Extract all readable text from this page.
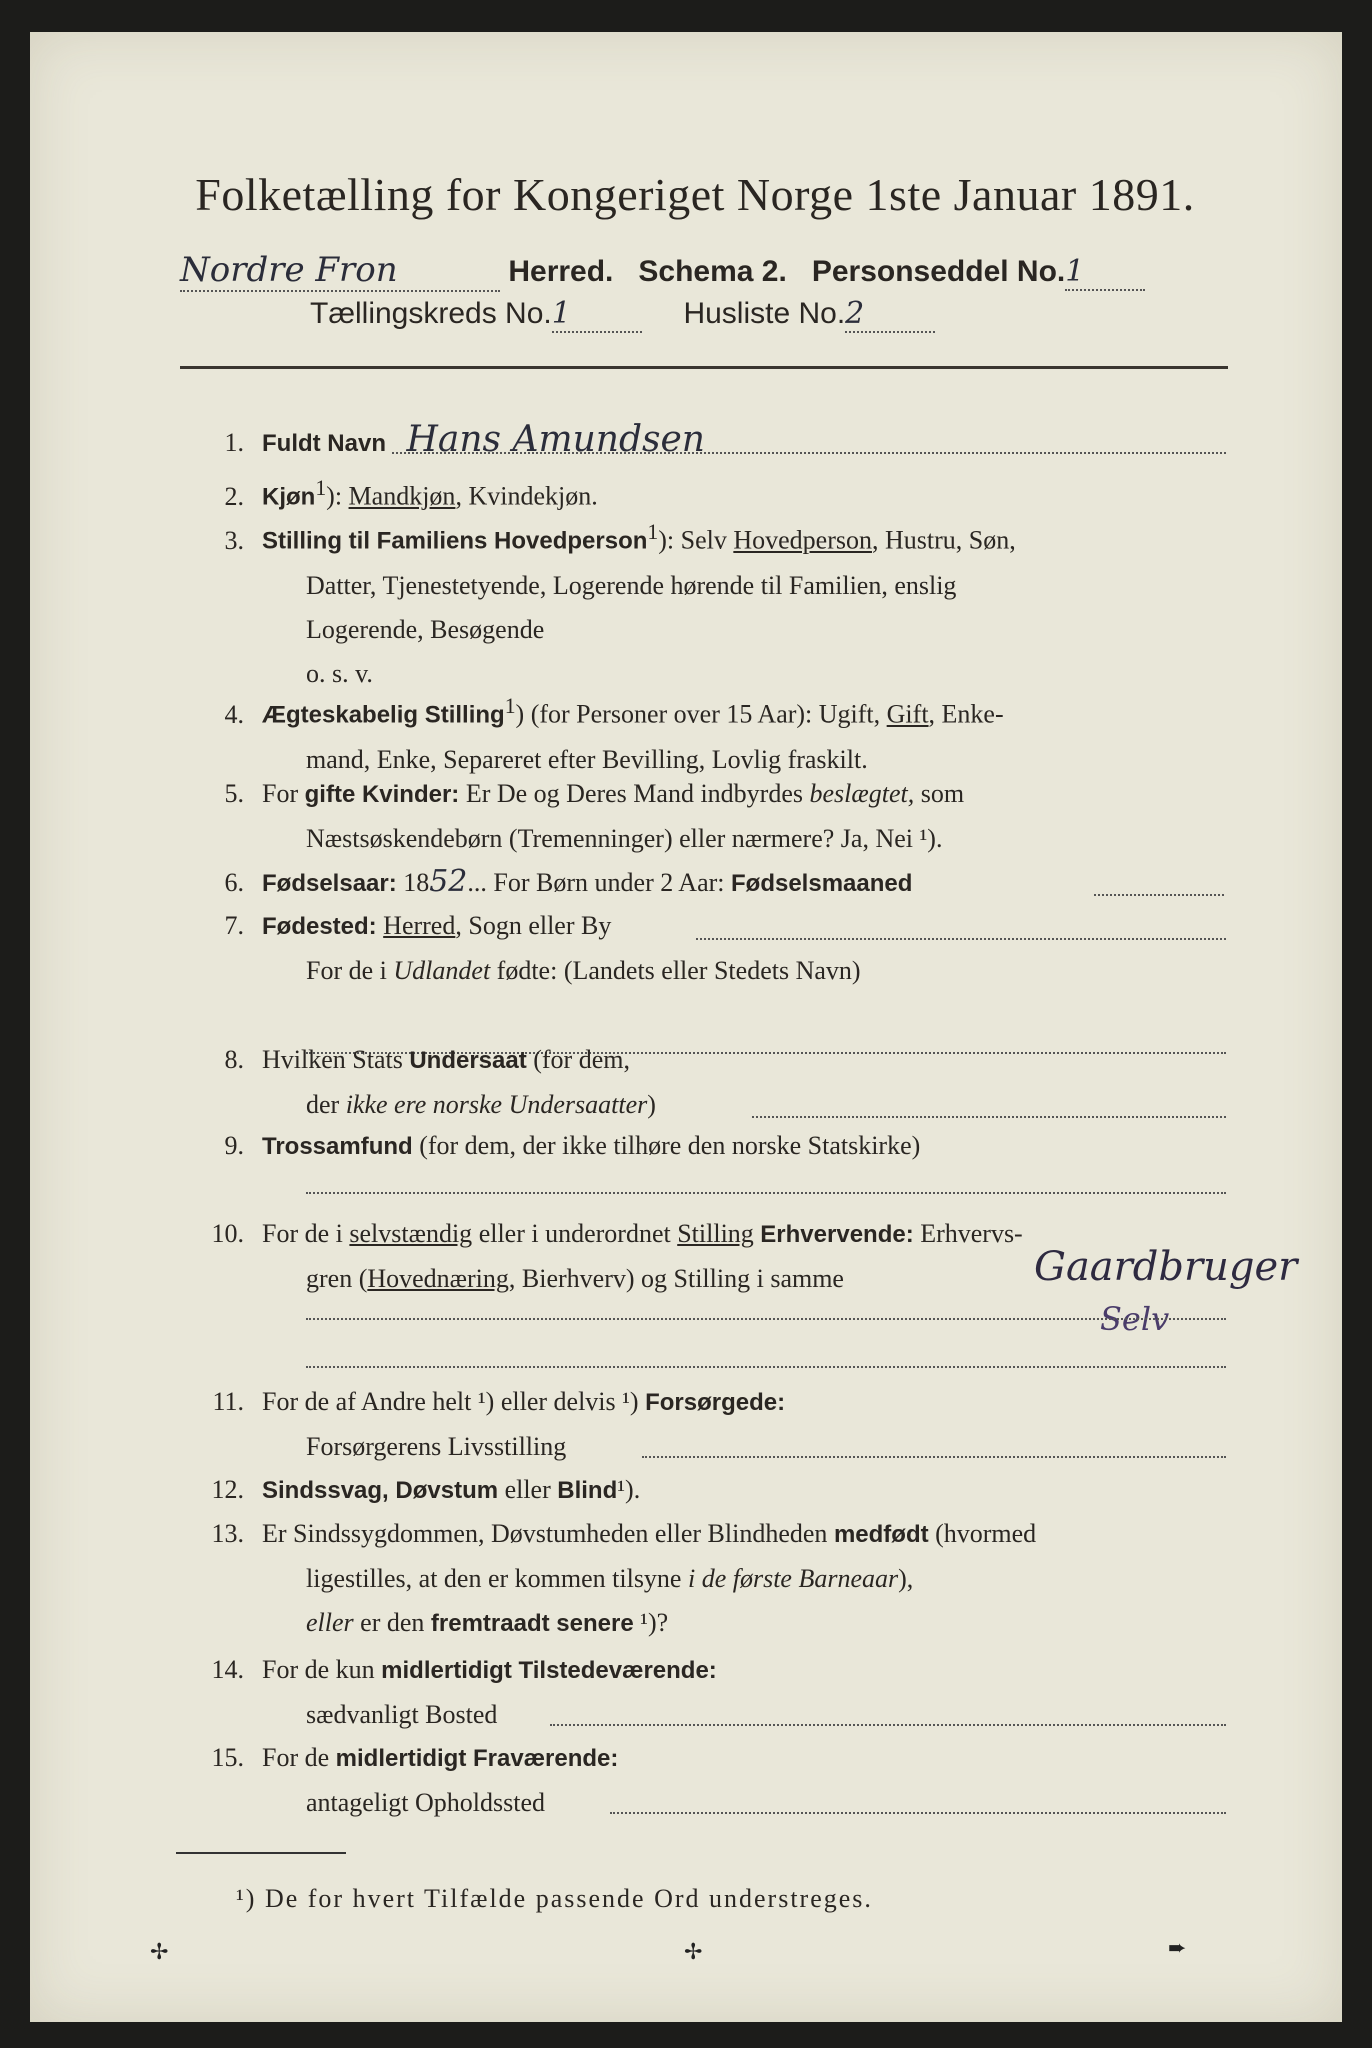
Folketælling for Kongeriget Norge 1ste Januar 1891.
Nordre Fron	Herred. Schema 2. Personseddel No.1
Tællingskreds No.1	Husliste No.2
1. Fuldt Navn Hans Amundsen
2. Kjøn$^1$): Mandkjøn, Kvindekjøn.
3. Stilling til Familiens Hovedperson$^1$): Selv Hovedperson, Hustru, Søn,
Datter, Tjenestetyende, Logerende hørende til Familien, enslig
Logerende, Besøgende
o. s. v.
4. Ægteskabelig Stilling$^1$) (for Personer over 15 Aar): Ugift, Gift, Enke-
mand, Enke, Separeret efter Bevilling, Lovlig fraskilt.
5. For gifte Kvinder: Er De og Deres Mand indbyrdes beslægtet, som
Næstsøskendebørn (Tremenninger) eller nærmere? Ja, Nei ¹).
6. Fødselsaar: 1852... For Børn under 2 Aar: Fødselsmaaned
7. Fødested: Herred, Sogn eller By
For de i Udlandet fødte: (Landets eller Stedets Navn)
8. Hvilken Stats Undersaat (for dem,
der ikke ere norske Undersaatter)
9. Trossamfund (for dem, der ikke tilhøre den norske Statskirke)
10. For de i selvstændig eller i underordnet Stilling Erhvervende: Erhvervs-
gren (Hovednæring, Bierhverv) og Stilling i samme	Gaardbruger
Selv
11. For de af Andre helt ¹) eller delvis ¹) Forsørgede:
Forsørgerens Livsstilling
12. Sindssvag, Døvstum eller Blind¹).
13. Er Sindssygdommen, Døvstumheden eller Blindheden medfødt (hvormed
ligestilles, at den er kommen tilsyne i de første Barneaar),
eller er den fremtraadt senere ¹)?
14. For de kun midlertidigt Tilstedeværende:
sædvanligt Bosted
15. For de midlertidigt Fraværende:
antageligt Opholdssted
¹) De for hvert Tilfælde passende Ord understreges.
✢	✢	➨
